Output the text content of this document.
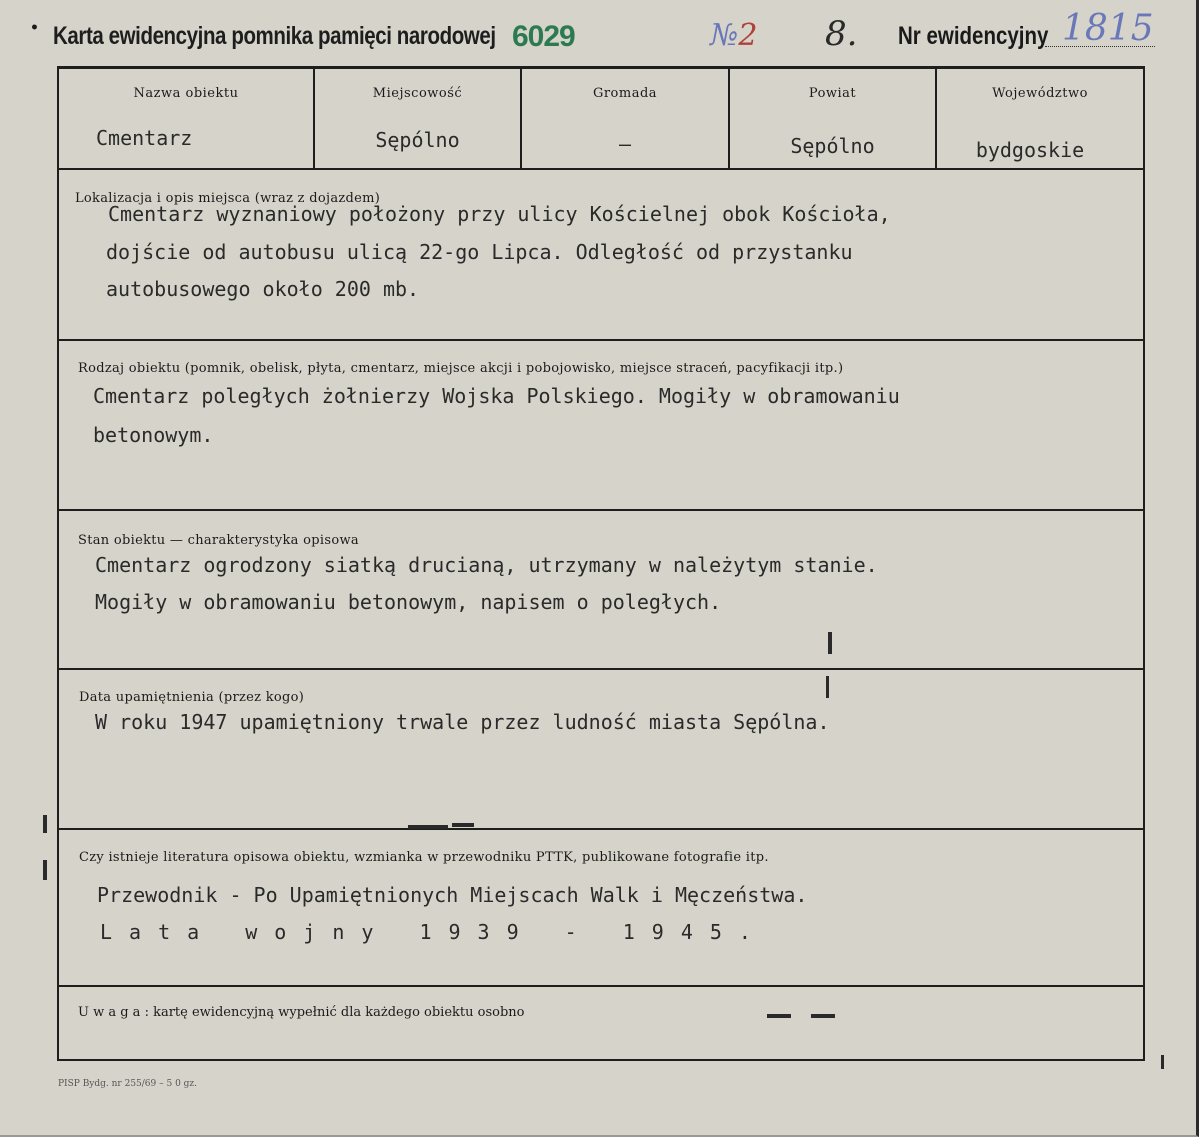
• Karta ewidencyjna pomnika pamięci narodowej 6029	№2 8. Nr ewidencyjny 1815
Nazwa obiektu	Miejscowość	Gromada	Powiat	Województwo
Cmentarz	Sępólno	–	Sępólno	bydgoskie
Lokalizacja i opis miejsca (wraz z dojazdem)
Cmentarz wyznaniowy położony przy ulicy Kościelnej obok Kościoła,
dojście od autobusu ulicą 22-go Lipca. Odległość od przystanku
autobusowego około 200 mb.
Rodzaj obiektu (pomnik, obelisk, płyta, cmentarz, miejsce akcji i pobojowisko, miejsce straceń, pacyfikacji itp.)
Cmentarz poległych żołnierzy Wojska Polskiego. Mogiły w obramowaniu
betonowym.
Stan obiektu — charakterystyka opisowa
Cmentarz ogrodzony siatką drucianą, utrzymany w należytym stanie.
Mogiły w obramowaniu betonowym, napisem o poległych.
Data upamiętnienia (przez kogo)
W roku 1947 upamiętniony trwale przez ludność miasta Sępólna.
Czy istnieje literatura opisowa obiektu, wzmianka w przewodniku PTTK, publikowane fotografie itp.
Przewodnik - Po Upamiętnionych Miejscach Walk i Męczeństwa.
Lata wojny 1939 - 1945.
U w a g a : kartę ewidencyjną wypełnić dla każdego obiektu osobno
PISP Bydg. nr 255/69 – 5 0 gz.
